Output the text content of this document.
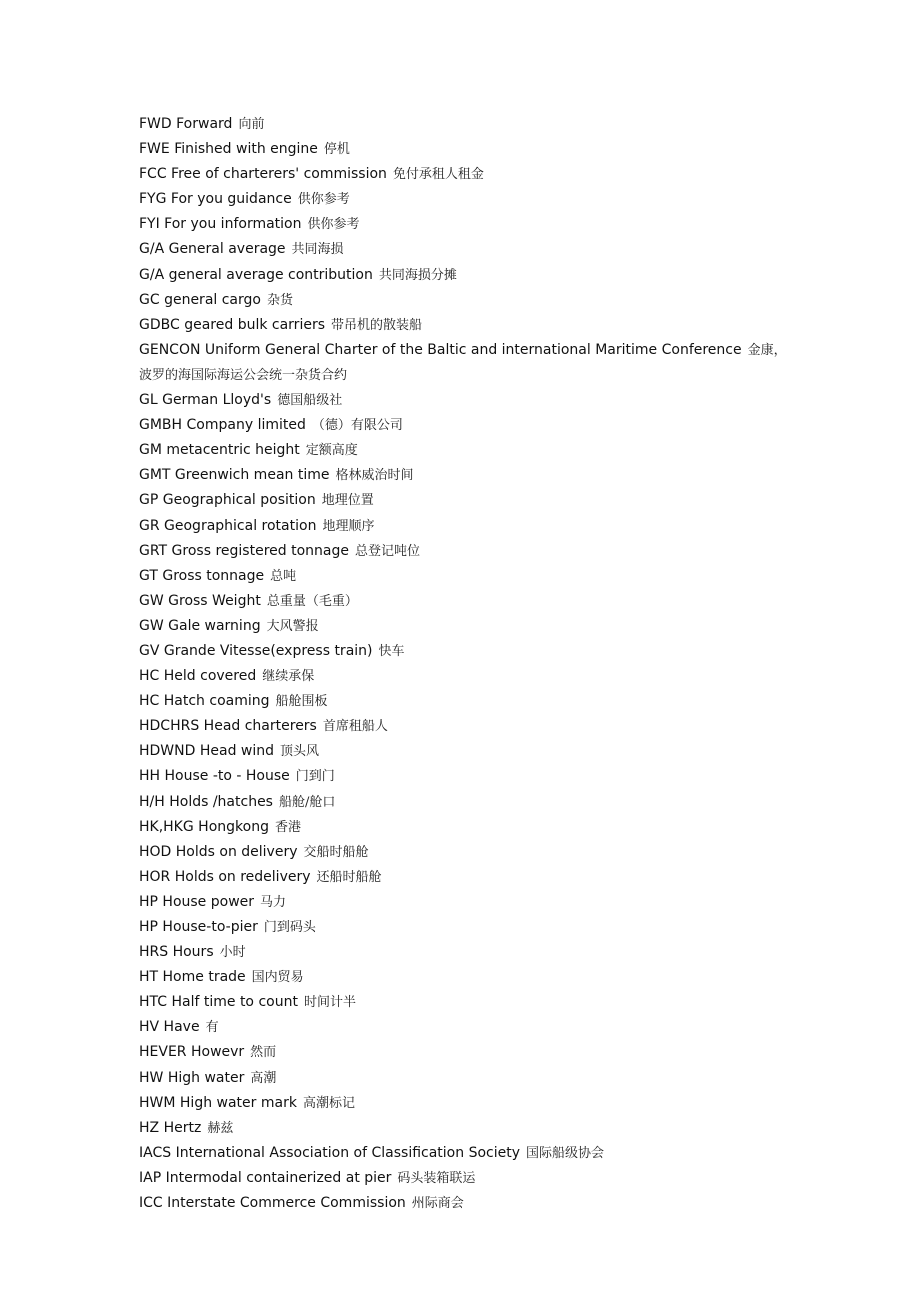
FWD Forward 向前
FWE Finished with engine 停机
FCC Free of charterers' commission 免付承租人租金
FYG For you guidance 供你参考
FYI For you information 供你参考
G/A General average 共同海损
G/A general average contribution 共同海损分摊
GC general cargo 杂货
GDBC geared bulk carriers 带吊机的散装船
GENCON Uniform General Charter of the Baltic and international Maritime Conference 金康，波罗的海国际海运公会统一杂货合约
GL German Lloyd's 德国船级社
GMBH Company limited （德）有限公司
GM metacentric height 定额高度
GMT Greenwich mean time 格林威治时间
GP Geographical position 地理位置
GR Geographical rotation 地理顺序
GRT Gross registered tonnage 总登记吨位
GT Gross tonnage 总吨
GW Gross Weight 总重量（毛重）
GW Gale warning 大风警报
GV Grande Vitesse(express train) 快车
HC Held covered 继续承保
HC Hatch coaming 船舱围板
HDCHRS Head charterers 首席租船人
HDWND Head wind 顶头风
HH House -to - House 门到门
H/H Holds /hatches 船舱/舱口
HK,HKG Hongkong 香港
HOD Holds on delivery 交船时船舱
HOR Holds on redelivery 还船时船舱
HP House power 马力
HP House-to-pier 门到码头
HRS Hours 小时
HT Home trade 国内贸易
HTC Half time to count 时间计半
HV Have 有
HEVER Howevr 然而
HW High water 高潮
HWM High water mark 高潮标记
HZ Hertz 赫兹
IACS International Association of Classification Society 国际船级协会
IAP Intermodal containerized at pier 码头装箱联运
ICC Interstate Commerce Commission 州际商会
